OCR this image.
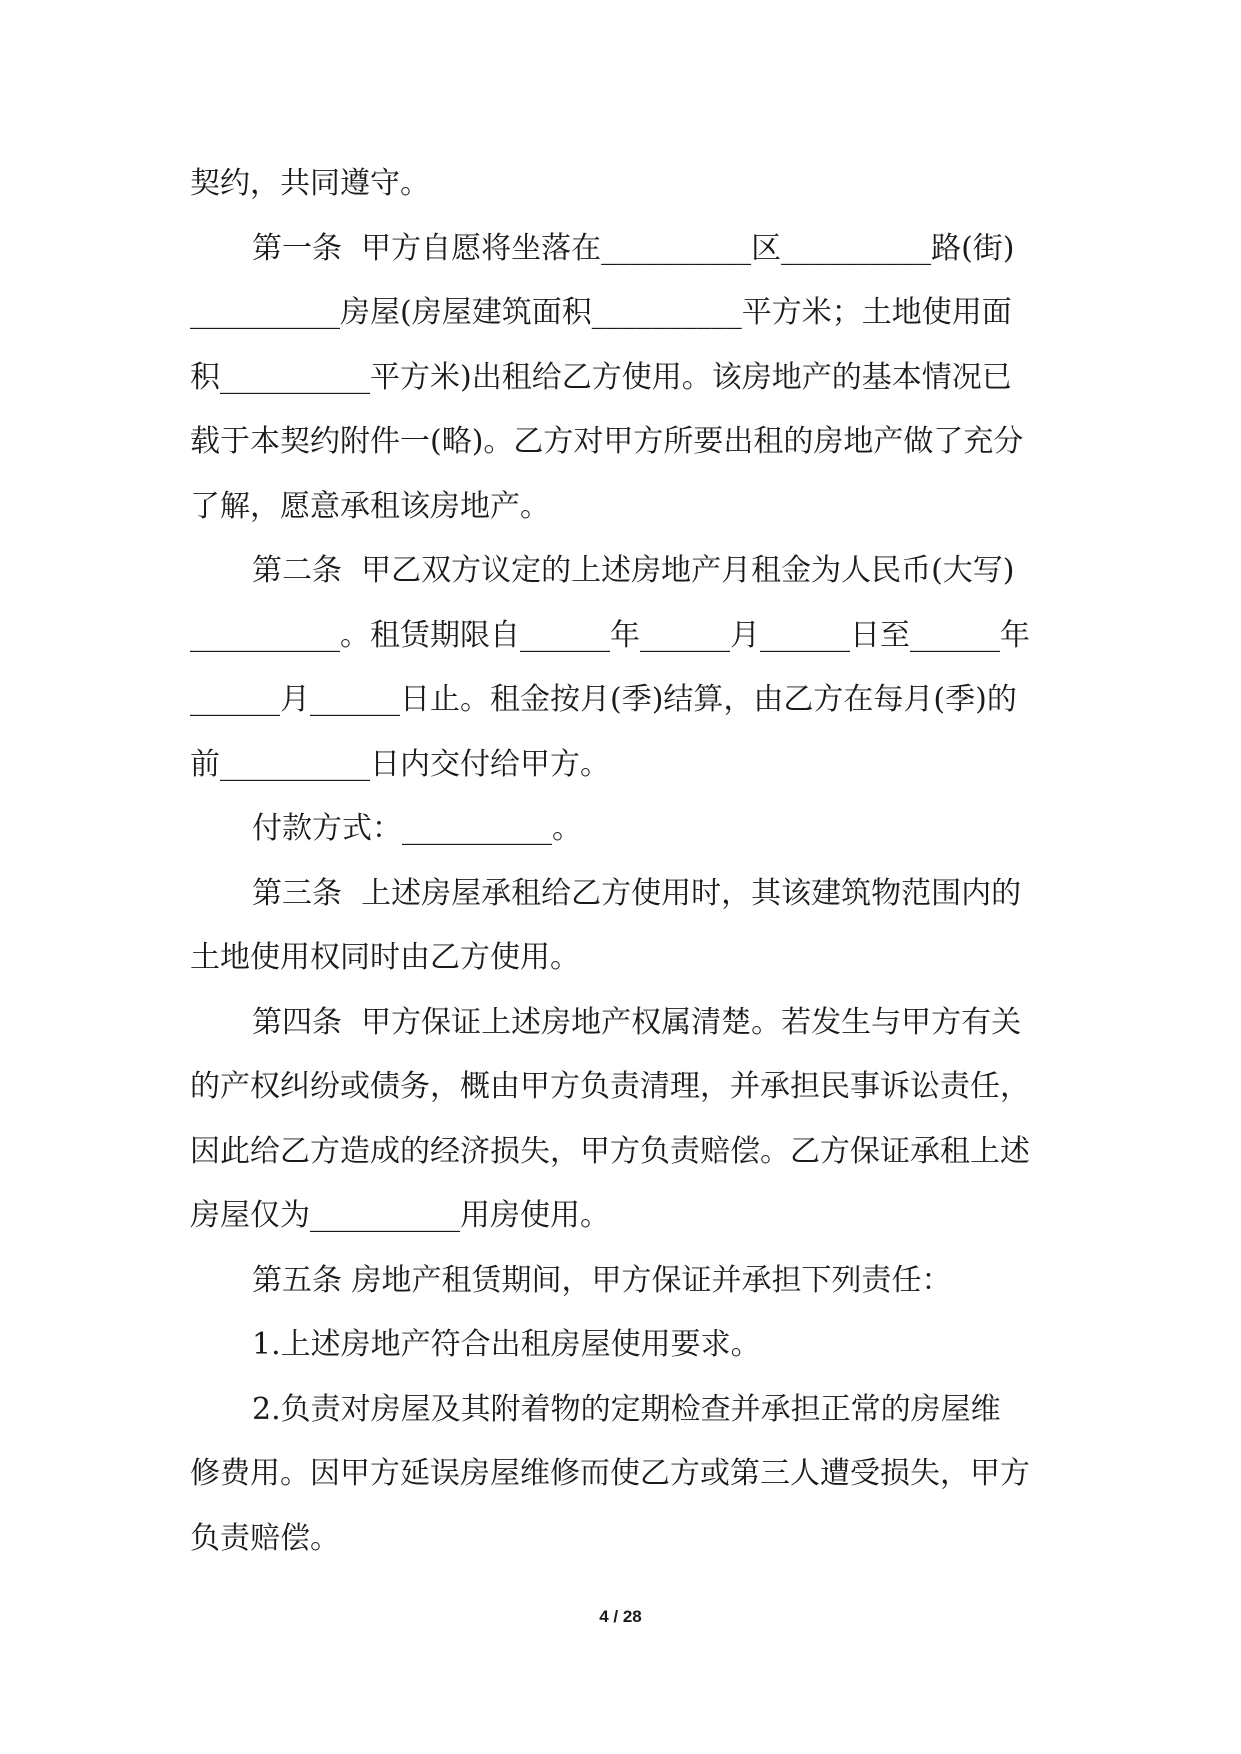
契约，共同遵守。
第一条  甲方自愿将坐落在__________区__________路(街)
__________房屋(房屋建筑面积__________平方米；土地使用面
积__________平方米)出租给乙方使用。该房地产的基本情况已
载于本契约附件一(略)。乙方对甲方所要出租的房地产做了充分
了解，愿意承租该房地产。
第二条  甲乙双方议定的上述房地产月租金为人民币(大写)
__________。租赁期限自______年______月______日至______年
______月______日止。租金按月(季)结算，由乙方在每月(季)的
前__________日内交付给甲方。
付款方式：__________。
第三条  上述房屋承租给乙方使用时，其该建筑物范围内的
土地使用权同时由乙方使用。
第四条  甲方保证上述房地产权属清楚。若发生与甲方有关
的产权纠纷或债务，概由甲方负责清理，并承担民事诉讼责任，
因此给乙方造成的经济损失，甲方负责赔偿。乙方保证承租上述
房屋仅为__________用房使用。
第五条 房地产租赁期间，甲方保证并承担下列责任：
1.上述房地产符合出租房屋使用要求。
2.负责对房屋及其附着物的定期检查并承担正常的房屋维
修费用。因甲方延误房屋维修而使乙方或第三人遭受损失，甲方
负责赔偿。
4 / 28
